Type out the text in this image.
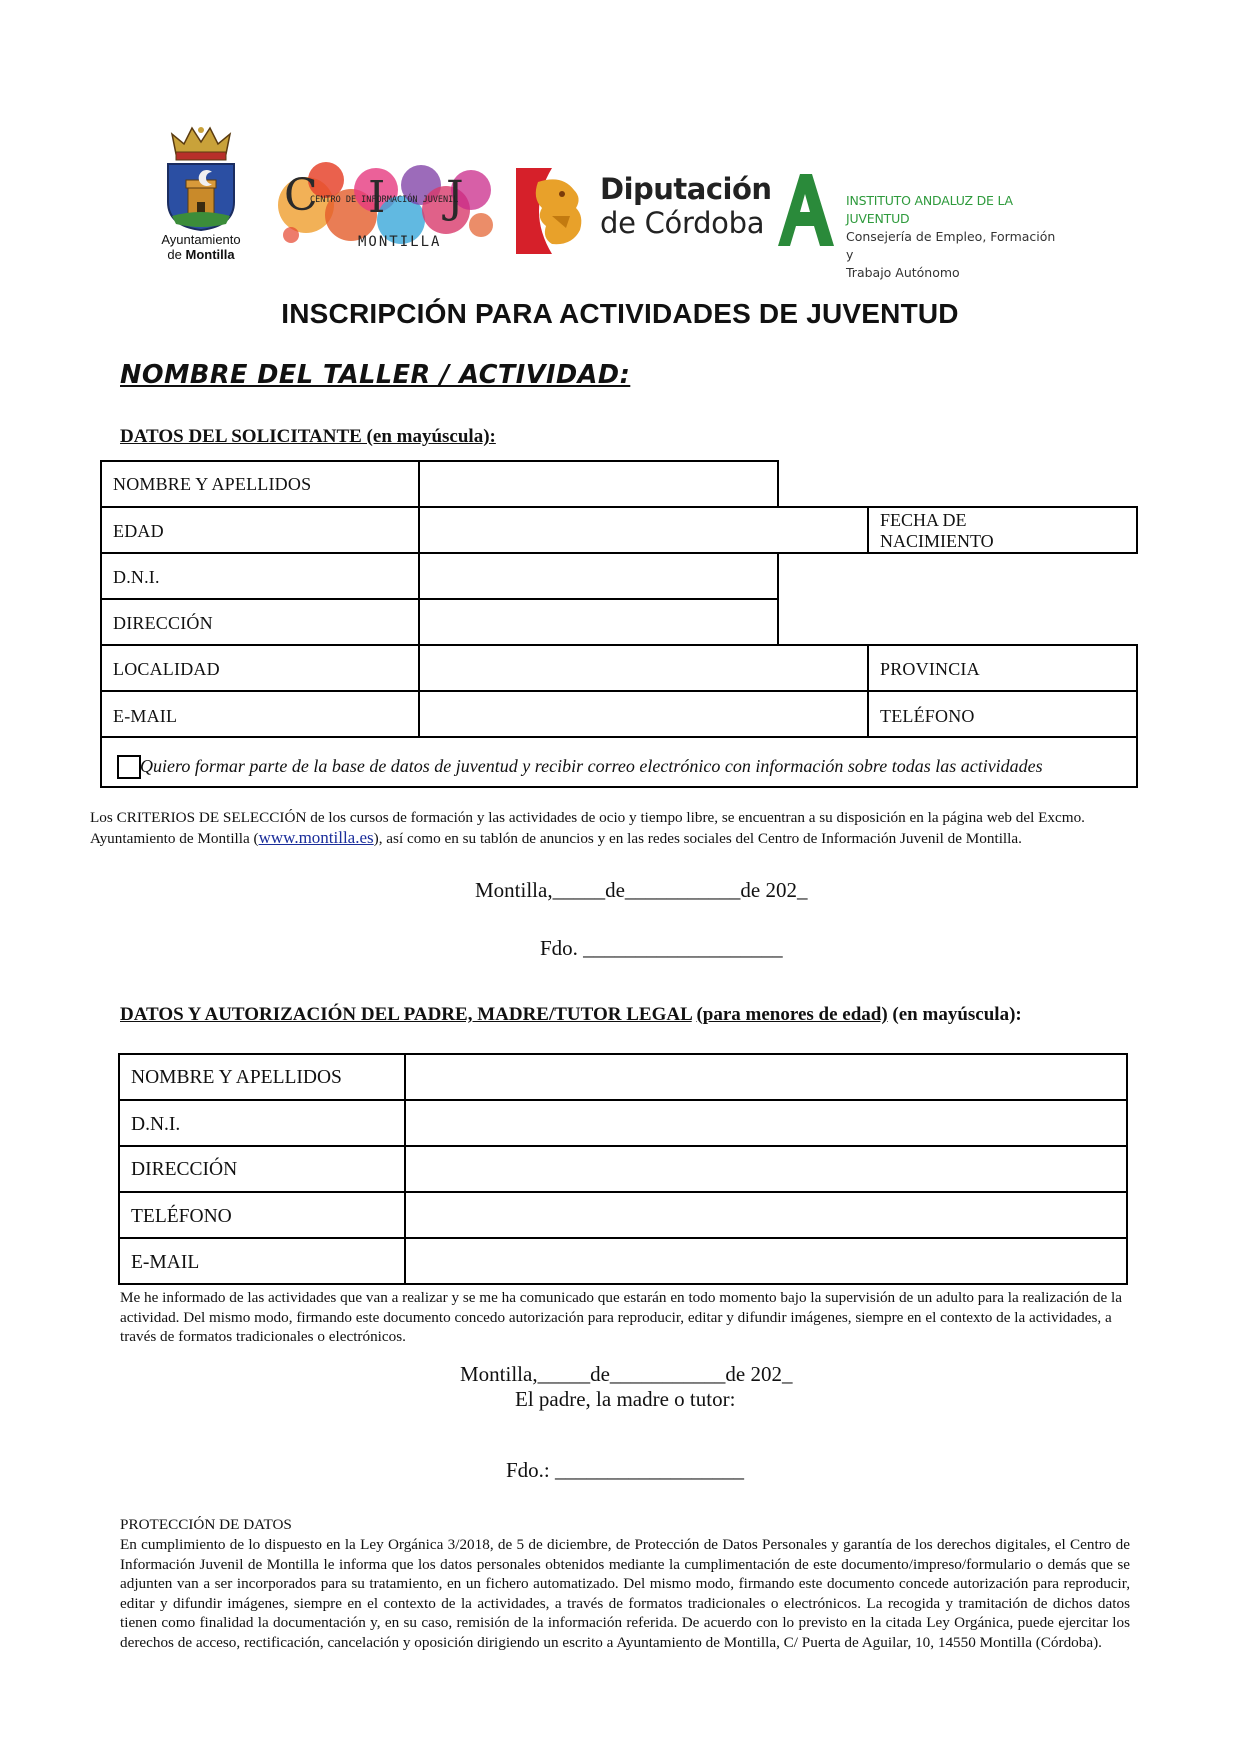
Ayuntamiento
de Montilla
C I J
CENTRO DE INFORMACIÓN JUVENIL
MONTILLA
Diputación
de Córdoba
INSTITUTO ANDALUZ DE LA JUVENTUD
Consejería de Empleo, Formación y
Trabajo Autónomo
INSCRIPCIÓN PARA ACTIVIDADES DE JUVENTUD
NOMBRE DEL TALLER / ACTIVIDAD:
DATOS DEL SOLICITANTE (en mayúscula):
NOMBRE Y APELLIDOS
EDAD
FECHA DE
NACIMIENTO
D.N.I.
DIRECCIÓN
LOCALIDAD	PROVINCIA
E-MAIL	TELÉFONO
Quiero formar parte de la base de datos de juventud y recibir correo electrónico con información sobre todas las actividades
Los CRITERIOS DE SELECCIÓN de los cursos de formación y las actividades de ocio y tiempo libre, se encuentran a su disposición en la página web del Excmo. Ayuntamiento de Montilla (www.montilla.es), así como en su tablón de anuncios y en las redes sociales del Centro de Información Juvenil de Montilla.
Montilla,_____de___________de 202_
Fdo. ___________________
DATOS Y AUTORIZACIÓN DEL PADRE, MADRE/TUTOR LEGAL (para menores de edad) (en mayúscula):
NOMBRE Y APELLIDOS
D.N.I.
DIRECCIÓN
TELÉFONO
E-MAIL
Me he informado de las actividades que van a realizar y se me ha comunicado que estarán en todo momento bajo la supervisión de un adulto para la realización de la actividad. Del mismo modo, firmando este documento concedo autorización para reproducir, editar y difundir imágenes, siempre en el contexto de la actividades, a través de formatos tradicionales o electrónicos.
Montilla,_____de___________de 202_
El padre, la madre o tutor:
Fdo.: __________________
PROTECCIÓN DE DATOS
En cumplimiento de lo dispuesto en la Ley Orgánica 3/2018, de 5 de diciembre, de Protección de Datos Personales y garantía de los derechos digitales, el Centro de Información Juvenil de Montilla le informa que los datos personales obtenidos mediante la cumplimentación de este documento/impreso/formulario o demás que se adjunten van a ser incorporados para su tratamiento, en un fichero automatizado. Del mismo modo, firmando este documento concede autorización para reproducir, editar y difundir imágenes, siempre en el contexto de la actividades, a través de formatos tradicionales o electrónicos. La recogida y tramitación de dichos datos tienen como finalidad la documentación y, en su caso, remisión de la información referida. De acuerdo con lo previsto en la citada Ley Orgánica, puede ejercitar los derechos de acceso, rectificación, cancelación y oposición dirigiendo un escrito a Ayuntamiento de Montilla, C/ Puerta de Aguilar, 10, 14550 Montilla (Córdoba).
